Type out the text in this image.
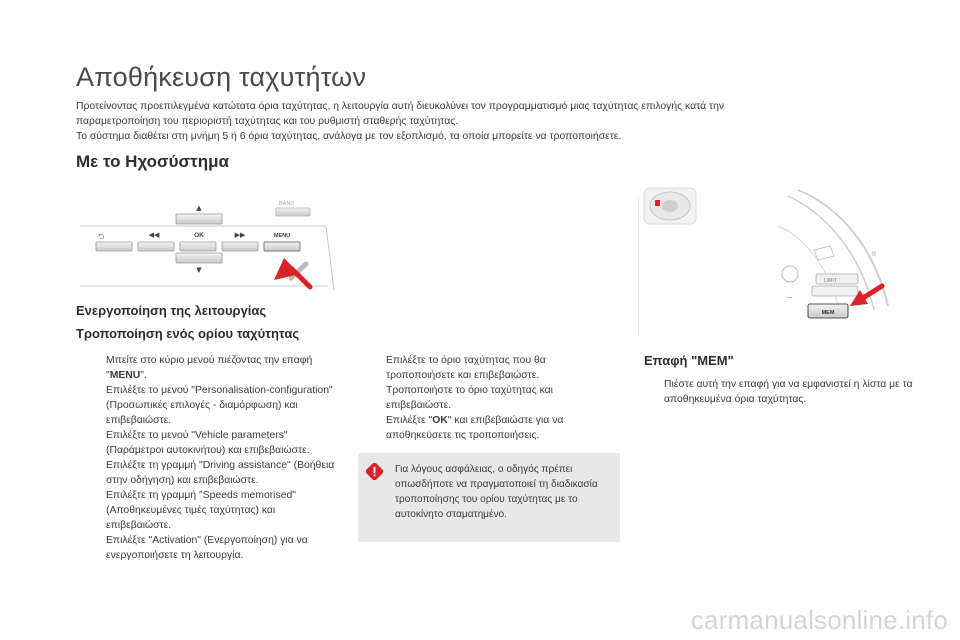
Αποθήκευση ταχυτήτων

Προτείνοντας προεπιλεγμένα κατώτατα όρια ταχύτητας, η λειτουργία αυτή διευκολύνει τον προγραμματισμό μιας ταχύτητας επιλογής κατά την

παραμετροποίηση του περιοριστή ταχύτητας και του ρυθμιστή σταθερής ταχύτητας.

Το σύστημα διαθέτει στη μνήμη 5 ή 6 όρια ταχύτητας, ανάλογα με τον εξοπλισμό, τα οποία μπορείτε να τροποποιήσετε.

Με το Ηχοσύστημα
▲	BAND
⮌	◀◀	OK	▶▶	MENU
▼
Ενεργοποίηση της λειτουργίας
Τροποποίηση ενός ορίου ταχύτητας
Μπείτε στο κύριο μενού πιέζοντας την επαφή "MENU".
Επιλέξτε το μενού "Personalisation-configuration" (Προσωπικές επιλογές - διαμόρφωση) και επιβεβαιώστε.
Επιλέξτε το μενού "Vehicle parameters" (Παράμετροι αυτοκινήτου) και επιβεβαιώστε.
Επιλέξτε τη γραμμή "Driving assistance" (Βοήθεια στην οδήγηση) και επιβεβαιώστε.
Επιλέξτε τη γραμμή "Speeds memorised" (Αποθηκευμένες τιμές ταχύτητας) και επιβεβαιώστε.
Επιλέξτε "Activation" (Ενεργοποίηση) για να ενεργοποιήσετε τη λειτουργία.
Επιλέξτε το όριο ταχύτητας που θα τροποποιήσετε και επιβεβαιώστε.
Τροποποιήστε το όριο ταχύτητας και επιβεβαιώστε.
Επιλέξτε "OK" και επιβεβαιώστε για να αποθηκεύσετε τις τροποποιήσεις.
Για λόγους ασφάλειας, ο οδηγός πρέπει οπωσδήποτε να πραγματοποιεί τη διαδικασία τροποποίησης του ορίου ταχύτητας με το αυτοκίνητο σταματημένο.
II
LIMIT
−
MEM
Επαφή "MEM"
Πιέστε αυτή την επαφή για να εμφανιστεί η λίστα με τα αποθηκευμένα όρια ταχύτητας.
carmanualsonline.info
